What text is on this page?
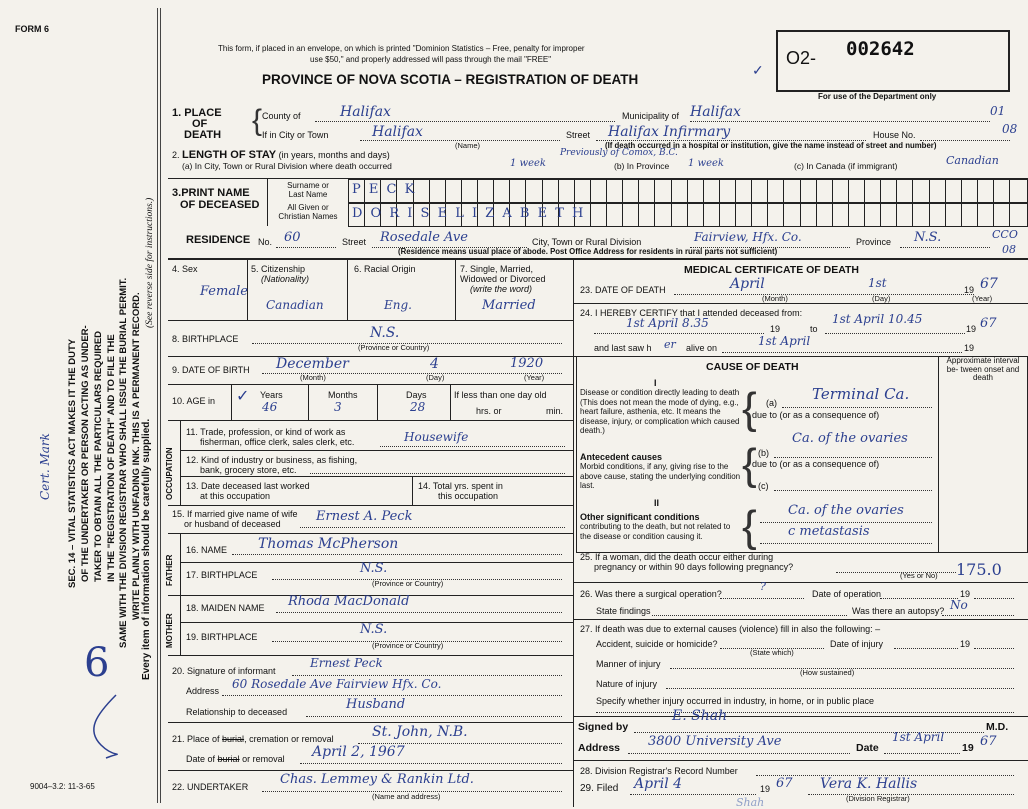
FORM 6
This form, if placed in an envelope, on which is printed "Dominion Statistics – Free, penalty for improper
use $50," and properly addressed will pass through the mail "FREE"
PROVINCE OF NOVA SCOTIA – REGISTRATION OF DEATH
O2- 002642
✓
For use of the Department only
SEC. 14 – VITAL STATISTICS ACT MAKES IT THE DUTY OF THE UNDERTAKER OR PERSON ACTING AS UNDER- TAKER TO OBTAIN ALL THE PARTICULARS REQUIRED IN THE "REGISTRATION OF DEATH" AND TO FILE THE SAME WITH THE DIVISION REGISTRAR WHO SHALL ISSUE THE BURIAL PERMIT. WRITE PLAINLY WITH UNFADING INK. THIS IS A PERMANENT RECORD. Every item of information should be carefully supplied.
(See reverse side for instructions.)
Cert. Mark
6
1. PLACE
OF
DEATH { County of	Halifax	Municipality of Halifax	01
If in City or Town	Halifax
(Name)
Street Halifax Infirmary	House No.	08
(If death occurred in a hospital or institution, give the name instead of street and number)
2. LENGTH OF STAY (in years, months and days)
(a) In City, Town or Rural Division where death occurred	1 week
Previously of Comox, B.C.
(b) In Province 1 week	(c) In Canada (if immigrant)	Canadian
3.PRINT NAME
OF DECEASED
Surname or
Last Name
All Given or
Christian Names
P E C K
D O R I S E L I Z A B E T H
RESIDENCE No. 60	Street Rosedale Ave	City, Town or Rural Division	Fairview, Hfx. Co.	Province N.S.	CCO
08
(Residence means usual place of abode. Post Office Address for residents in rural parts not sufficient)
4. Sex
Female
5. Citizenship
(Nationality)
Canadian
6. Racial Origin
Eng.
7. Single, Married,
Widowed or Divorced
(write the word)
Married
8. BIRTHPLACE	N.S.
(Province or Country)
9. DATE OF BIRTH December	4	1920
(Month)	(Day)	(Year)
10. AGE in ✓ Years
46
Months
3
Days
28
If less than one day old
hrs. or	min.
OCCUPATION
11. Trade, profession, or kind of work as
fisherman, office clerk, sales clerk, etc.	Housewife
12. Kind of industry or business, as fishing,
bank, grocery store, etc.
13. Date deceased last worked
at this occupation
14. Total yrs. spent in
this occupation
15. If married give name of wife
or husband of deceased	Ernest A. Peck
FATHER
16. NAME Thomas McPherson
17. BIRTHPLACE	N.S.
(Province or Country)
MOTHER
18. MAIDEN NAME Rhoda MacDonald
19. BIRTHPLACE	N.S.
(Province or Country)
20. Signature of informant
Ernest Peck
Address 60 Rosedale Ave Fairview Hfx. Co.
Relationship to deceased	Husband
21. Place of burial, cremation or removal	St. John, N.B.
Date of burial or removal April 2, 1967
22. UNDERTAKER Chas. Lemmey & Rankin Ltd.
(Name and address)
9004–3.2: 11-3-65
MEDICAL CERTIFICATE OF DEATH
23. DATE OF DEATH	April	1st	19 67
(Month)	(Day)	(Year)
24. I HEREBY CERTIFY that I attended deceased from:
1st April 8.35	19	to
1st April 10.45
19 67
and last saw h er alive on	1st April	19
CAUSE OF DEATH
Approximate interval be- tween onset and death
I
Disease or condition directly leading to death (This does not mean the mode of dying, e.g., heart failure, asthenia, etc. It means the disease, injury, or complication which caused death.)	{ (a) Terminal Ca.
due to (or as a consequence of)
Antecedent causes
Morbid conditions, if any, giving rise to the above cause, stating the underlying condition last.	{ (b)
Ca. of the ovaries
due to (or as a consequence of)
(c)
II
Other significant conditions
contributing to the death, but not related to the disease or condition causing it. { Ca. of the ovaries
c metastasis
25. If a woman, did the death occur either during
pregnancy or within 90 days following pregnancy?
(Yes or No) 175.0
26. Was there a surgical operation?
?
Date of operation	19
State findings	Was there an autopsy? No
27. If death was due to external causes (violence) fill in also the following: –
Accident, suicide or homicide?	Date of injury	19
(State which)
Manner of injury
(How sustained)
Nature of injury
Specify whether injury occurred in industry, in home, or in public place
Signed by
E. Shah
M.D.
Address 3800 University Ave	Date
1st April
19 67
28. Division Registrar's Record Number
29. Filed April 4	19 67 Vera K. Hallis
(Division Registrar)
Shah
